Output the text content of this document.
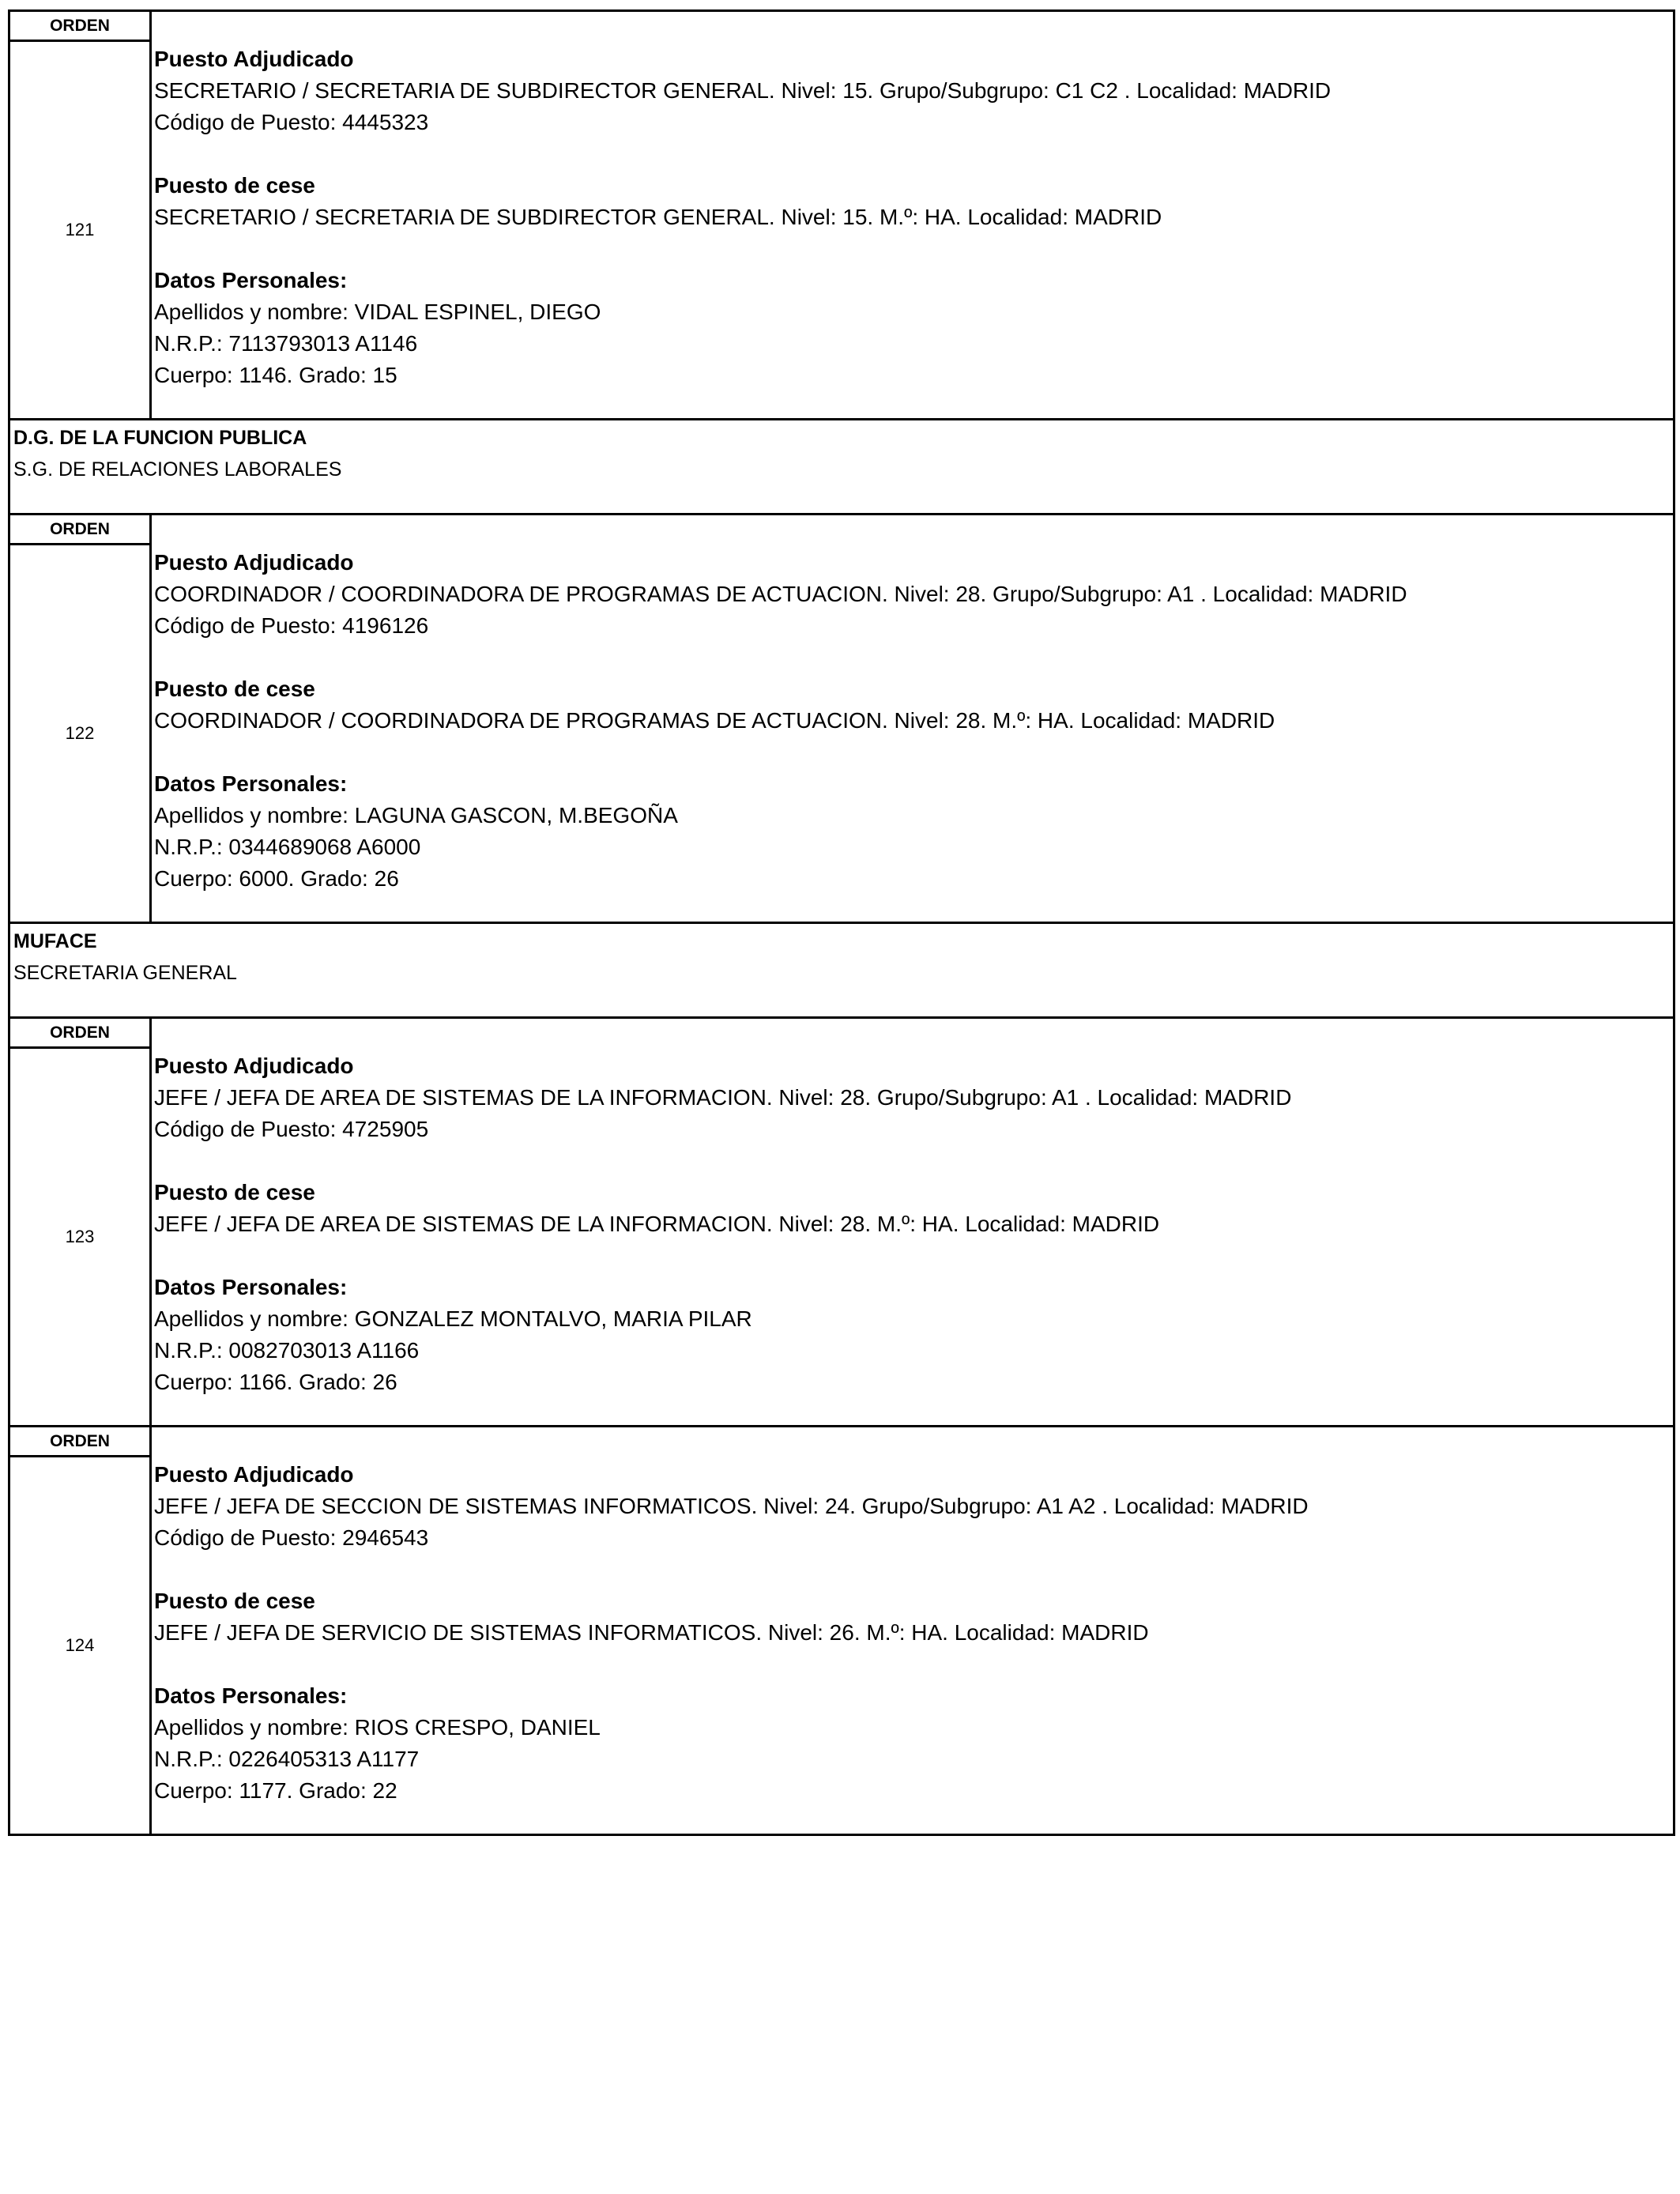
ORDEN
121
Puesto Adjudicado
SECRETARIO / SECRETARIA DE SUBDIRECTOR GENERAL. Nivel: 15. Grupo/Subgrupo: C1 C2 . Localidad: MADRID
Código de Puesto: 4445323
Puesto de cese
SECRETARIO / SECRETARIA DE SUBDIRECTOR GENERAL. Nivel: 15. M.º: HA. Localidad: MADRID
Datos Personales:
Apellidos y nombre: VIDAL ESPINEL, DIEGO
N.R.P.: 7113793013 A1146
Cuerpo: 1146. Grado: 15
D.G. DE LA FUNCION PUBLICA
S.G. DE RELACIONES LABORALES
ORDEN
122
Puesto Adjudicado
COORDINADOR / COORDINADORA DE PROGRAMAS DE ACTUACION. Nivel: 28. Grupo/Subgrupo: A1 . Localidad: MADRID
Código de Puesto: 4196126
Puesto de cese
COORDINADOR / COORDINADORA DE PROGRAMAS DE ACTUACION. Nivel: 28. M.º: HA. Localidad: MADRID
Datos Personales:
Apellidos y nombre: LAGUNA GASCON, M.BEGOÑA
N.R.P.: 0344689068 A6000
Cuerpo: 6000. Grado: 26
MUFACE
SECRETARIA GENERAL
ORDEN
123
Puesto Adjudicado
JEFE / JEFA DE AREA DE SISTEMAS DE LA INFORMACION. Nivel: 28. Grupo/Subgrupo: A1 . Localidad: MADRID
Código de Puesto: 4725905
Puesto de cese
JEFE / JEFA DE AREA DE SISTEMAS DE LA INFORMACION. Nivel: 28. M.º: HA. Localidad: MADRID
Datos Personales:
Apellidos y nombre: GONZALEZ MONTALVO, MARIA PILAR
N.R.P.: 0082703013 A1166
Cuerpo: 1166. Grado: 26
ORDEN
124
Puesto Adjudicado
JEFE / JEFA DE SECCION DE SISTEMAS INFORMATICOS. Nivel: 24. Grupo/Subgrupo: A1 A2 . Localidad: MADRID
Código de Puesto: 2946543
Puesto de cese
JEFE / JEFA DE SERVICIO DE SISTEMAS INFORMATICOS. Nivel: 26. M.º: HA. Localidad: MADRID
Datos Personales:
Apellidos y nombre: RIOS CRESPO, DANIEL
N.R.P.: 0226405313 A1177
Cuerpo: 1177. Grado: 22
